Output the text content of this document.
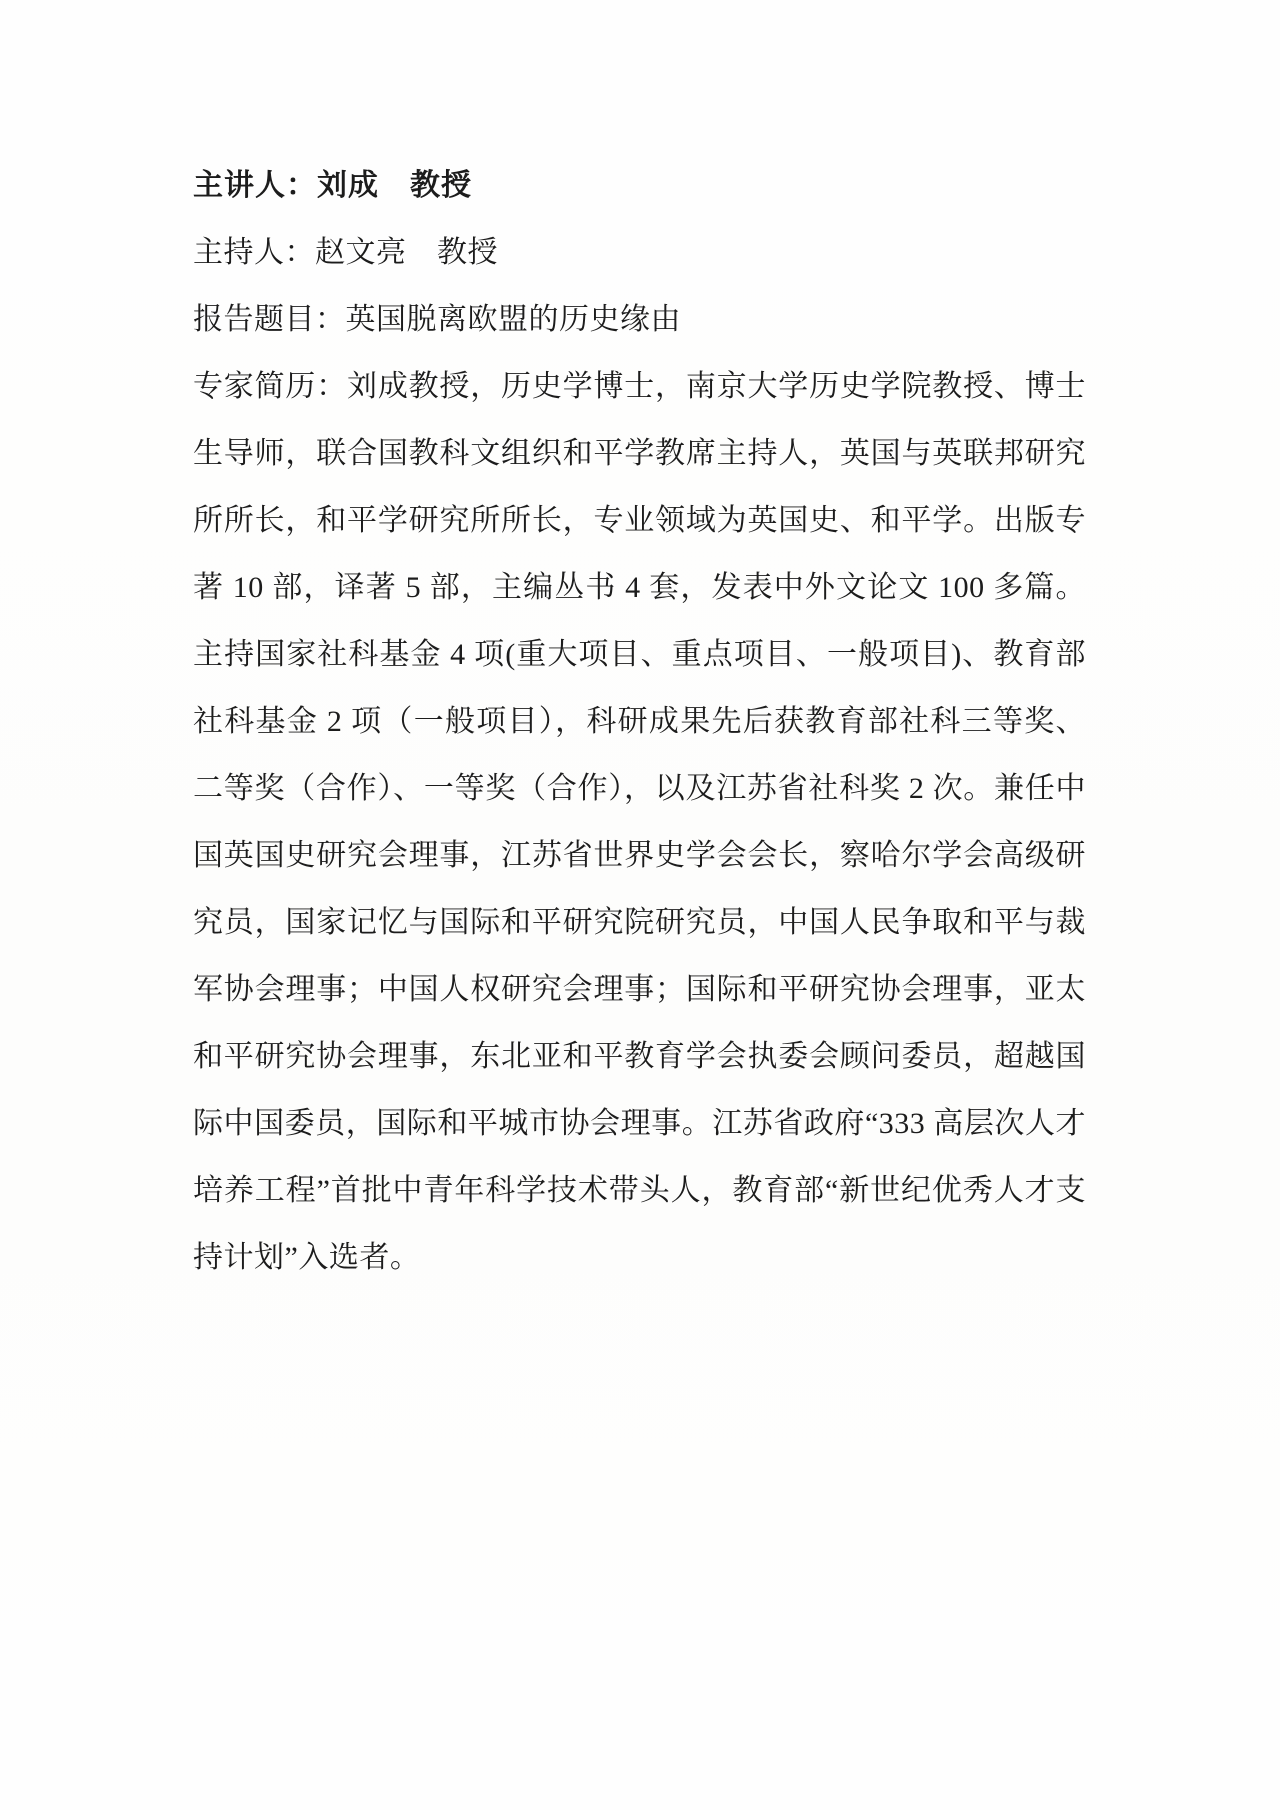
主讲人：刘成　教授

主持人：赵文亮　教授

报告题目：英国脱离欧盟的历史缘由

专家简历：刘成教授，历史学博士，南京大学历史学院教授、博士生导师，联合国教科文组织和平学教席主持人，英国与英联邦研究所所长，和平学研究所所长，专业领域为英国史、和平学。出版专著 10 部，译著 5 部，主编丛书 4 套，发表中外文论文 100 多篇。主持国家社科基金 4 项(重大项目、重点项目、一般项目)、教育部社科基金 2 项（一般项目），科研成果先后获教育部社科三等奖、二等奖（合作）、一等奖（合作），以及江苏省社科奖 2 次。兼任中国英国史研究会理事，江苏省世界史学会会长，察哈尔学会高级研究员，国家记忆与国际和平研究院研究员，中国人民争取和平与裁军协会理事；中国人权研究会理事；国际和平研究协会理事，亚太和平研究协会理事，东北亚和平教育学会执委会顾问委员，超越国际中国委员，国际和平城市协会理事。江苏省政府“333 高层次人才培养工程”首批中青年科学技术带头人，教育部“新世纪优秀人才支持计划”入选者。
